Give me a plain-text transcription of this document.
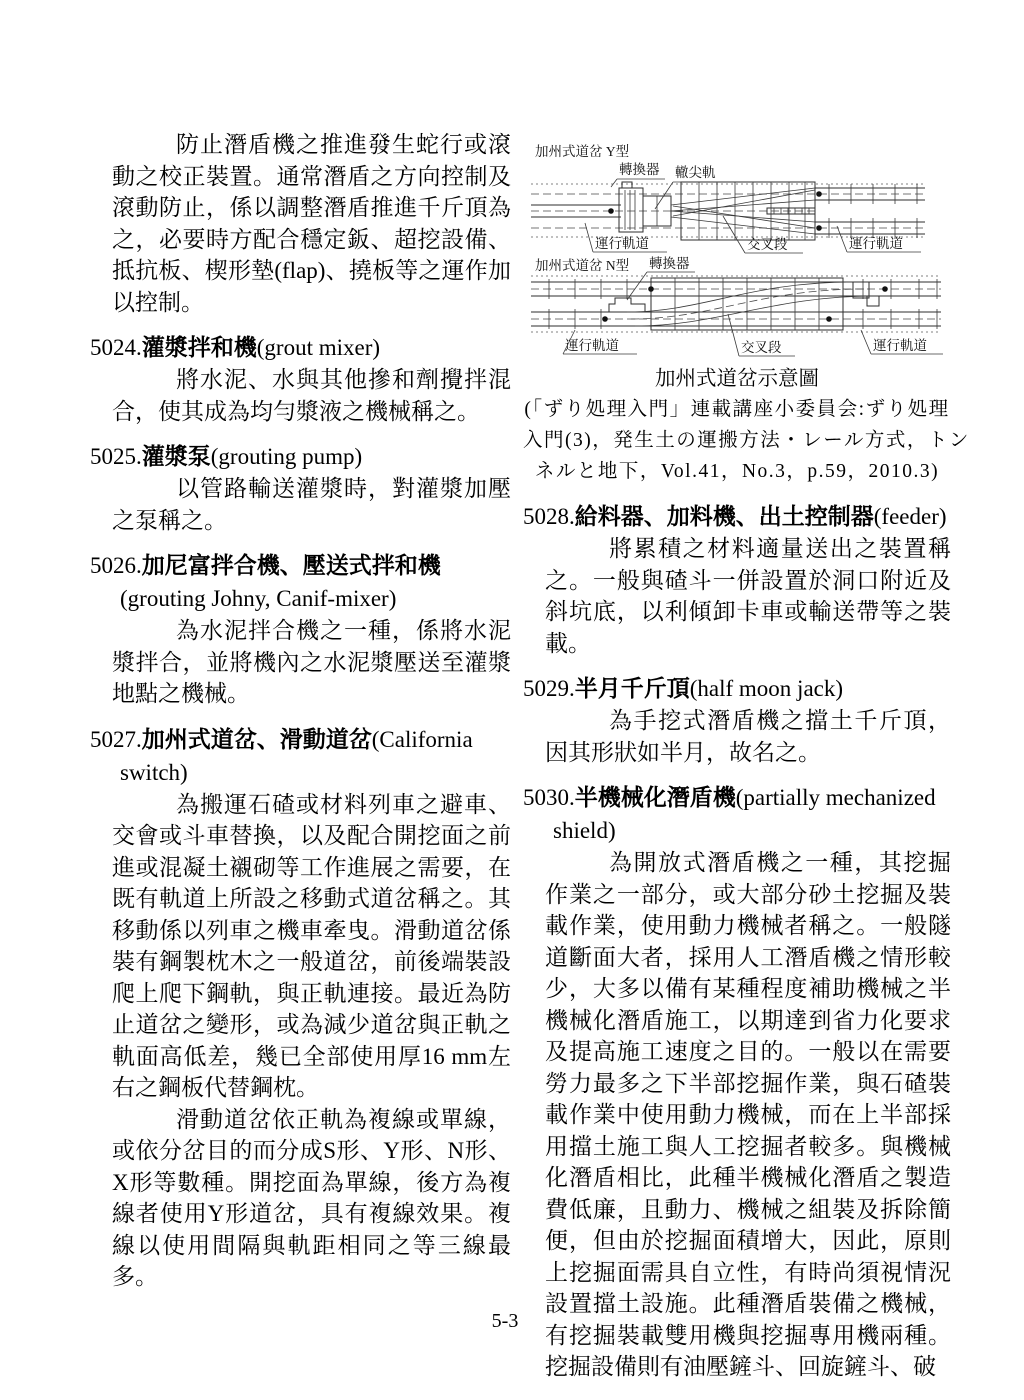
防止潛盾機之推進發生蛇行或滾動之校正裝置。通常潛盾之方向控制及滾動防止，係以調整潛盾推進千斤頂為之，必要時方配合穩定鈑、超挖設備、抵抗板、楔形墊(flap)、撓板等之運作加以控制。

5024.灌漿拌和機(grout mixer)

將水泥、水與其他摻和劑攪拌混合，使其成為均勻漿液之機械稱之。

5025.灌漿泵(grouting pump)

以管路輸送灌漿時，對灌漿加壓之泵稱之。

5026.加尼富拌合機、壓送式拌和機(grouting Johny, Canif-mixer)

為水泥拌合機之一種，係將水泥漿拌合，並將機內之水泥漿壓送至灌漿地點之機械。

5027.加州式道岔、滑動道岔(California switch)

為搬運石碴或材料列車之避車、交會或斗車替換，以及配合開挖面之前進或混凝土襯砌等工作進展之需要，在既有軌道上所設之移動式道岔稱之。其移動係以列車之機車牽曳。滑動道岔係裝有鋼製枕木之一般道岔，前後端裝設爬上爬下鋼軌，與正軌連接。最近為防止道岔之變形，或為減少道岔與正軌之軌面高低差，幾已全部使用厚16 mm左右之鋼板代替鋼枕。

滑動道岔依正軌為複線或單線，或依分岔目的而分成S形、Y形、N形、X形等數種。開挖面為單線，後方為複線者使用Y形道岔，具有複線效果。複線以使用間隔與軌距相同之等三線最多。

加州式道岔 Y型
轉換器 轍尖軌
運行軌道	交叉段	運行軌道
加州式道岔 N型 轉換器
運行軌道	交叉段	運行軌道
加州式道岔示意圖
(「ずり処理入門」連載講座小委員会:ずり処理
入門(3)，発生土の運搬方法・レール方式，トン
ネルと地下，Vol.41，No.3，p.59，2010.3)

5028.給料器、加料機、出土控制器(feeder)

將累積之材料適量送出之裝置稱之。一般與碴斗一併設置於洞口附近及斜坑底，以利傾卸卡車或輸送帶等之裝載。

5029.半月千斤頂(half moon jack)

為手挖式潛盾機之擋土千斤頂，因其形狀如半月，故名之。

5030.半機械化潛盾機(partially mechanized shield)

為開放式潛盾機之一種，其挖掘作業之一部分，或大部分砂土挖掘及裝載作業，使用動力機械者稱之。一般隧道斷面大者，採用人工潛盾機之情形較少，大多以備有某種程度補助機械之半機械化潛盾施工，以期達到省力化要求及提高施工速度之目的。一般以在需要勞力最多之下半部挖掘作業，與石碴裝載作業中使用動力機械，而在上半部採用擋土施工與人工挖掘者較多。與機械化潛盾相比，此種半機械化潛盾之製造費低廉，且動力、機械之組裝及拆除簡便，但由於挖掘面積增大，因此，原則上挖掘面需具自立性，有時尚須視情況設置擋土設施。此種潛盾裝備之機械，有挖掘裝載雙用機與挖掘專用機兩種。挖掘設備則有油壓鏟斗、回旋鏟斗、破

5-3
